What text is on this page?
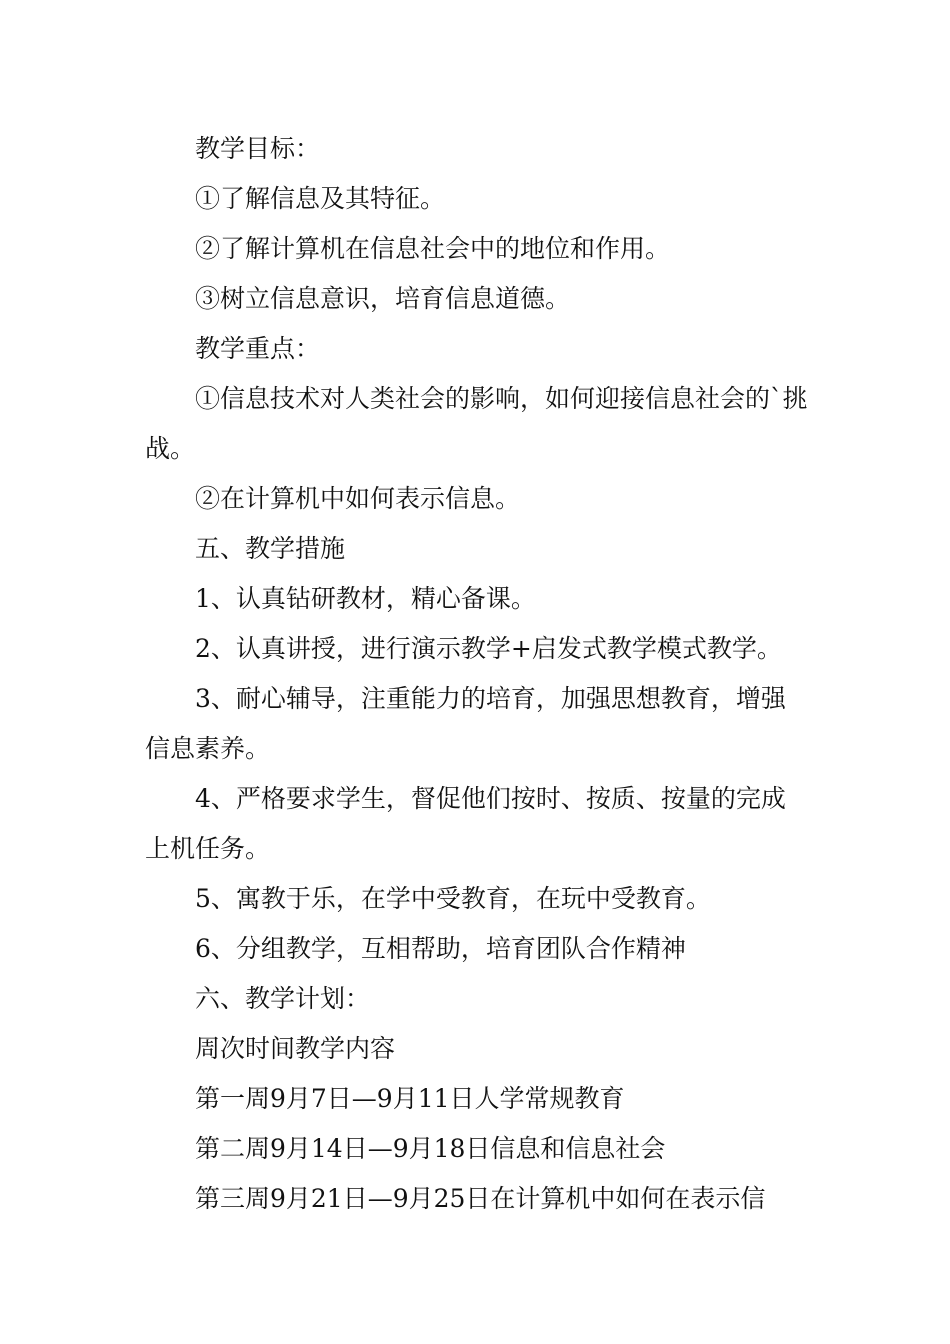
教学目标：

①了解信息及其特征。

②了解计算机在信息社会中的地位和作用。

③树立信息意识，培育信息道德。

教学重点：

①信息技术对人类社会的影响，如何迎接信息社会的`挑战。

②在计算机中如何表示信息。

五、教学措施

1、认真钻研教材，精心备课。

2、认真讲授，进行演示教学+启发式教学模式教学。

3、耐心辅导，注重能力的培育，加强思想教育，增强信息素养。

4、严格要求学生，督促他们按时、按质、按量的完成上机任务。

5、寓教于乐，在学中受教育，在玩中受教育。

6、分组教学，互相帮助，培育团队合作精神

六、教学计划：

周次时间教学内容

第一周9月7日—9月11日人学常规教育

第二周9月14日—9月18日信息和信息社会

第三周9月21日—9月25日在计算机中如何在表示信
